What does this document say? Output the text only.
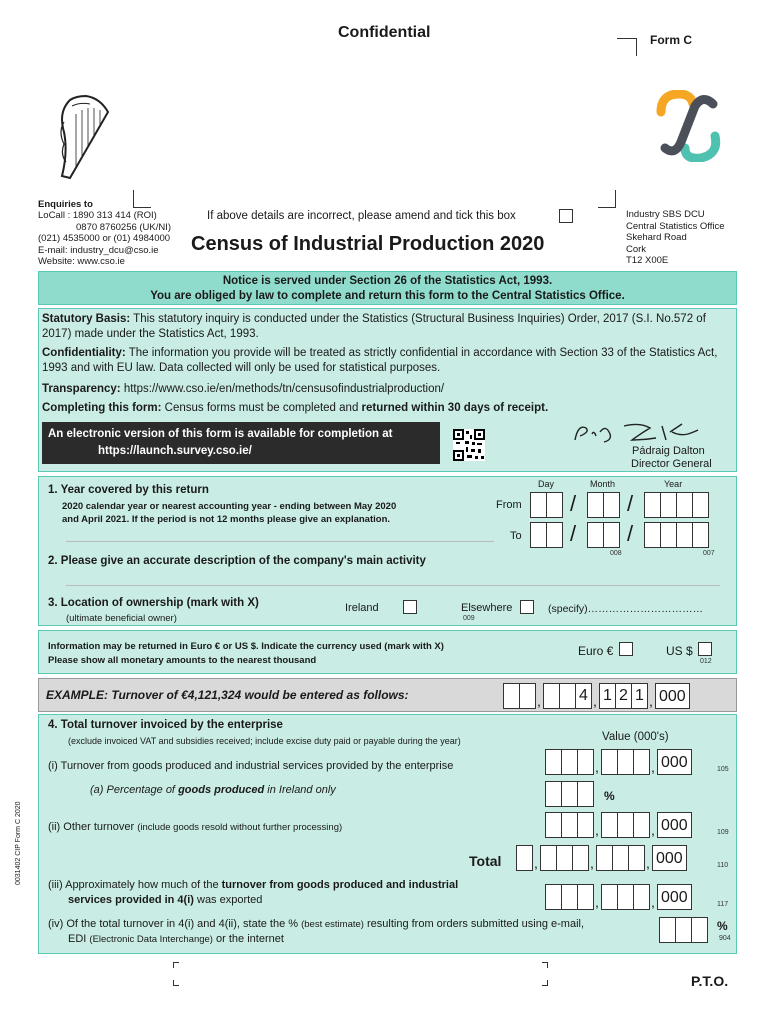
Confidential	Form C
Enquiries to
LoCall : 1890 313 414 (ROI)
0870 8760256 (UK/NI)
(021) 4535000 or (01) 4984000
E-mail: industry_dcu@cso.ie
Website: www.cso.ie
If above details are incorrect, please amend and tick this box
Census of Industrial Production 2020
Industry SBS DCU
Central Statistics Office
Skehard Road
Cork
T12 X00E
Notice is served under Section 26 of the Statistics Act, 1993.
You are obliged by law to complete and return this form to the Central Statistics Office.
Statutory Basis: This statutory inquiry is conducted under the Statistics (Structural Business Inquiries) Order, 2017 (S.I. No.572 of 2017) made under the Statistics Act, 1993.
Confidentiality: The information you provide will be treated as strictly confidential in accordance with Section 33 of the Statistics Act, 1993 and with EU law. Data collected will only be used for statistical purposes.
Transparency: https://www.cso.ie/en/methods/tn/censusofindustrialproduction/
Completing this form: Census forms must be completed and returned within 30 days of receipt.
An electronic version of this form is available for completion at
https://launch.survey.cso.ie/	Pádraig Dalton
Director General
1. Year covered by this return
2020 calendar year or nearest accounting year - ending between May 2020
and April 2021. If the period is not 12 months please give an explanation.
Day	Month	Year
From / /
To / /
008	007
2. Please give an accurate description of the company's main activity
3. Location of ownership (mark with X)
(ultimate beneficial owner)
Ireland	Elsewhere	(specify)……………………………
009
Information may be returned in Euro € or US $. Indicate the currency used (mark with X)
Please show all monetary amounts to the nearest thousand
Euro €	US $
012
EXAMPLE: Turnover of €4,121,324 would be entered as follows:	, 4 , 1 2 1 , 000
4. Total turnover invoiced by the enterprise
(exclude invoiced VAT and subsidies received; include excise duty paid or payable during the year)	Value (000's)
(i) Turnover from goods produced and industrial services provided by the enterprise	,	, 000	105
(a) Percentage of goods produced in Ireland only	%
(ii) Other turnover (include goods resold without further processing)	,	, 000	109
Total ,	,	, 000	110
(iii) Approximately how much of the turnover from goods produced and industrial
services provided in 4(i) was exported	,	, 000	117
(iv) Of the total turnover in 4(i) and 4(ii), state the % (best estimate) resulting from orders submitted using e-mail,
EDI (Electronic Data Interchange) or the internet
%
904
0031402 CIP Form C 2020
P.T.O.
